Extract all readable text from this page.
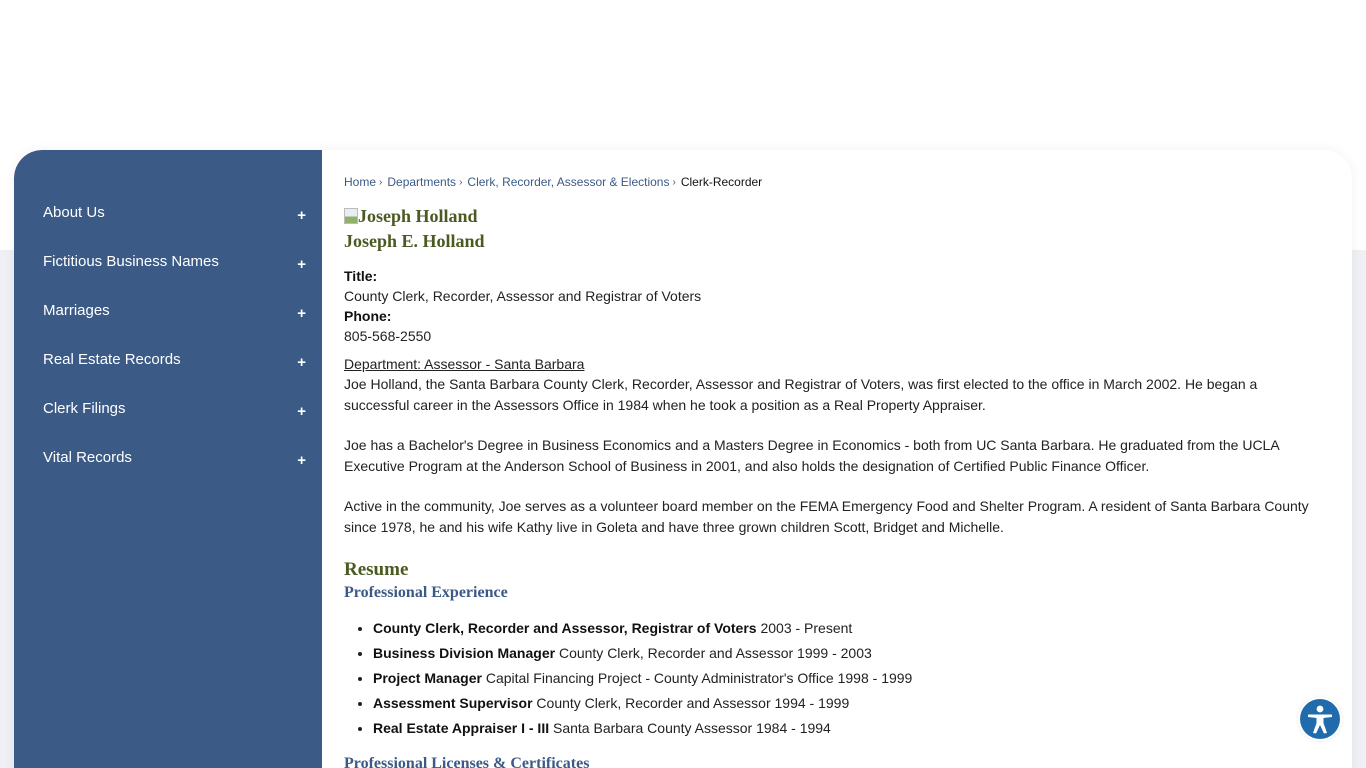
About Us	+
Fictitious Business Names	+
Marriages	+
Real Estate Records	+
Clerk Filings	+
Vital Records	+
Home › Departments › Clerk, Recorder, Assessor & Elections › Clerk-Recorder
Joseph Holland
Joseph E. Holland
Title:
County Clerk, Recorder, Assessor and Registrar of Voters
Phone:
805-568-2550
Department: Assessor - Santa Barbara

Joe Holland, the Santa Barbara County Clerk, Recorder, Assessor and Registrar of Voters, was first elected to the office in March 2002. He began a successful career in the Assessors Office in 1984 when he took a position as a Real Property Appraiser.

Joe has a Bachelor's Degree in Business Economics and a Masters Degree in Economics - both from UC Santa Barbara. He graduated from the UCLA Executive Program at the Anderson School of Business in 2001, and also holds the designation of Certified Public Finance Officer.

Active in the community, Joe serves as a volunteer board member on the FEMA Emergency Food and Shelter Program. A resident of Santa Barbara County since 1978, he and his wife Kathy live in Goleta and have three grown children Scott, Bridget and Michelle.

Resume
Professional Experience
• County Clerk, Recorder and Assessor, Registrar of Voters 2003 - Present
• Business Division Manager County Clerk, Recorder and Assessor 1999 - 2003
• Project Manager Capital Financing Project - County Administrator's Office 1998 - 1999
• Assessment Supervisor County Clerk, Recorder and Assessor 1994 - 1999
• Real Estate Appraiser I - III Santa Barbara County Assessor 1984 - 1994
Professional Licenses & Certificates
